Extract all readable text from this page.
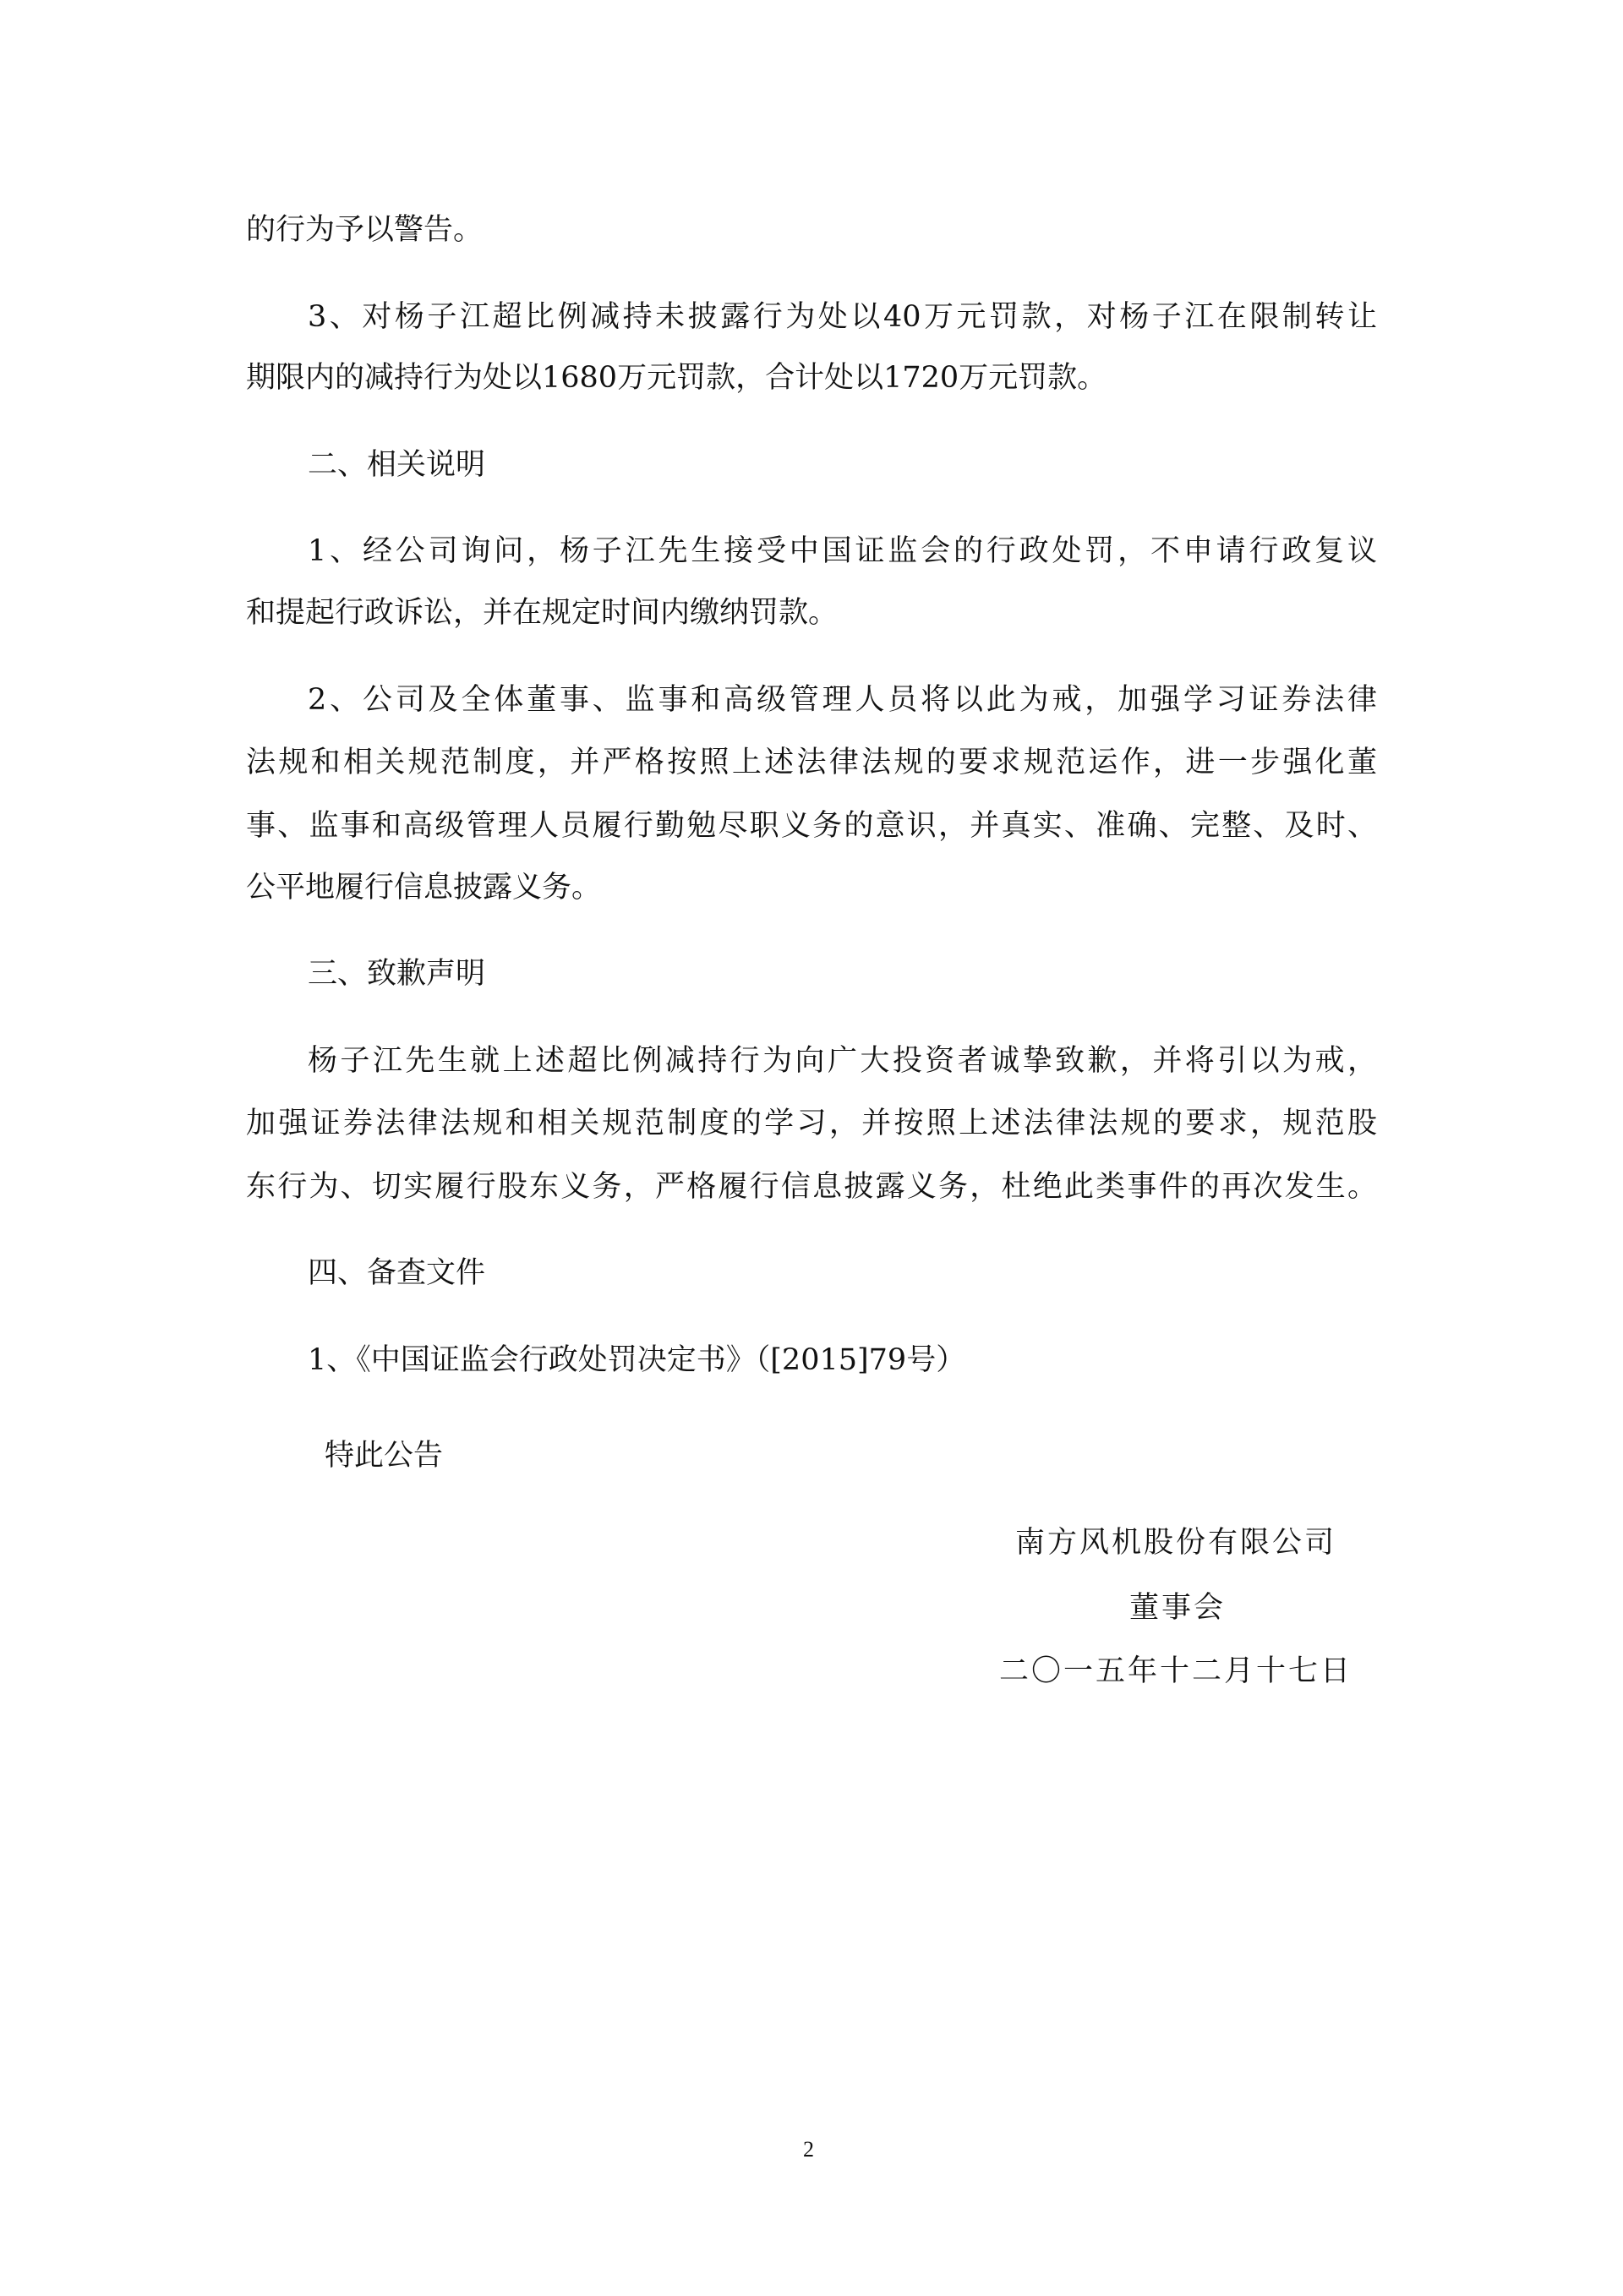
的行为予以警告。
3、对杨子江超比例减持未披露行为处以40万元罚款，对杨子江在限制转让
期限内的减持行为处以1680万元罚款，合计处以1720万元罚款。
二、相关说明
1、经公司询问，杨子江先生接受中国证监会的行政处罚，不申请行政复议
和提起行政诉讼，并在规定时间内缴纳罚款。
2、公司及全体董事、监事和高级管理人员将以此为戒，加强学习证券法律
法规和相关规范制度，并严格按照上述法律法规的要求规范运作，进一步强化董
事、监事和高级管理人员履行勤勉尽职义务的意识，并真实、准确、完整、及时、
公平地履行信息披露义务。
三、致歉声明
杨子江先生就上述超比例减持行为向广大投资者诚挚致歉，并将引以为戒，
加强证券法律法规和相关规范制度的学习，并按照上述法律法规的要求，规范股
东行为、切实履行股东义务，严格履行信息披露义务，杜绝此类事件的再次发生。
四、备查文件
1、《中国证监会行政处罚决定书》（[2015]79号）
特此公告
南方风机股份有限公司
董事会
二〇一五年十二月十七日
2
